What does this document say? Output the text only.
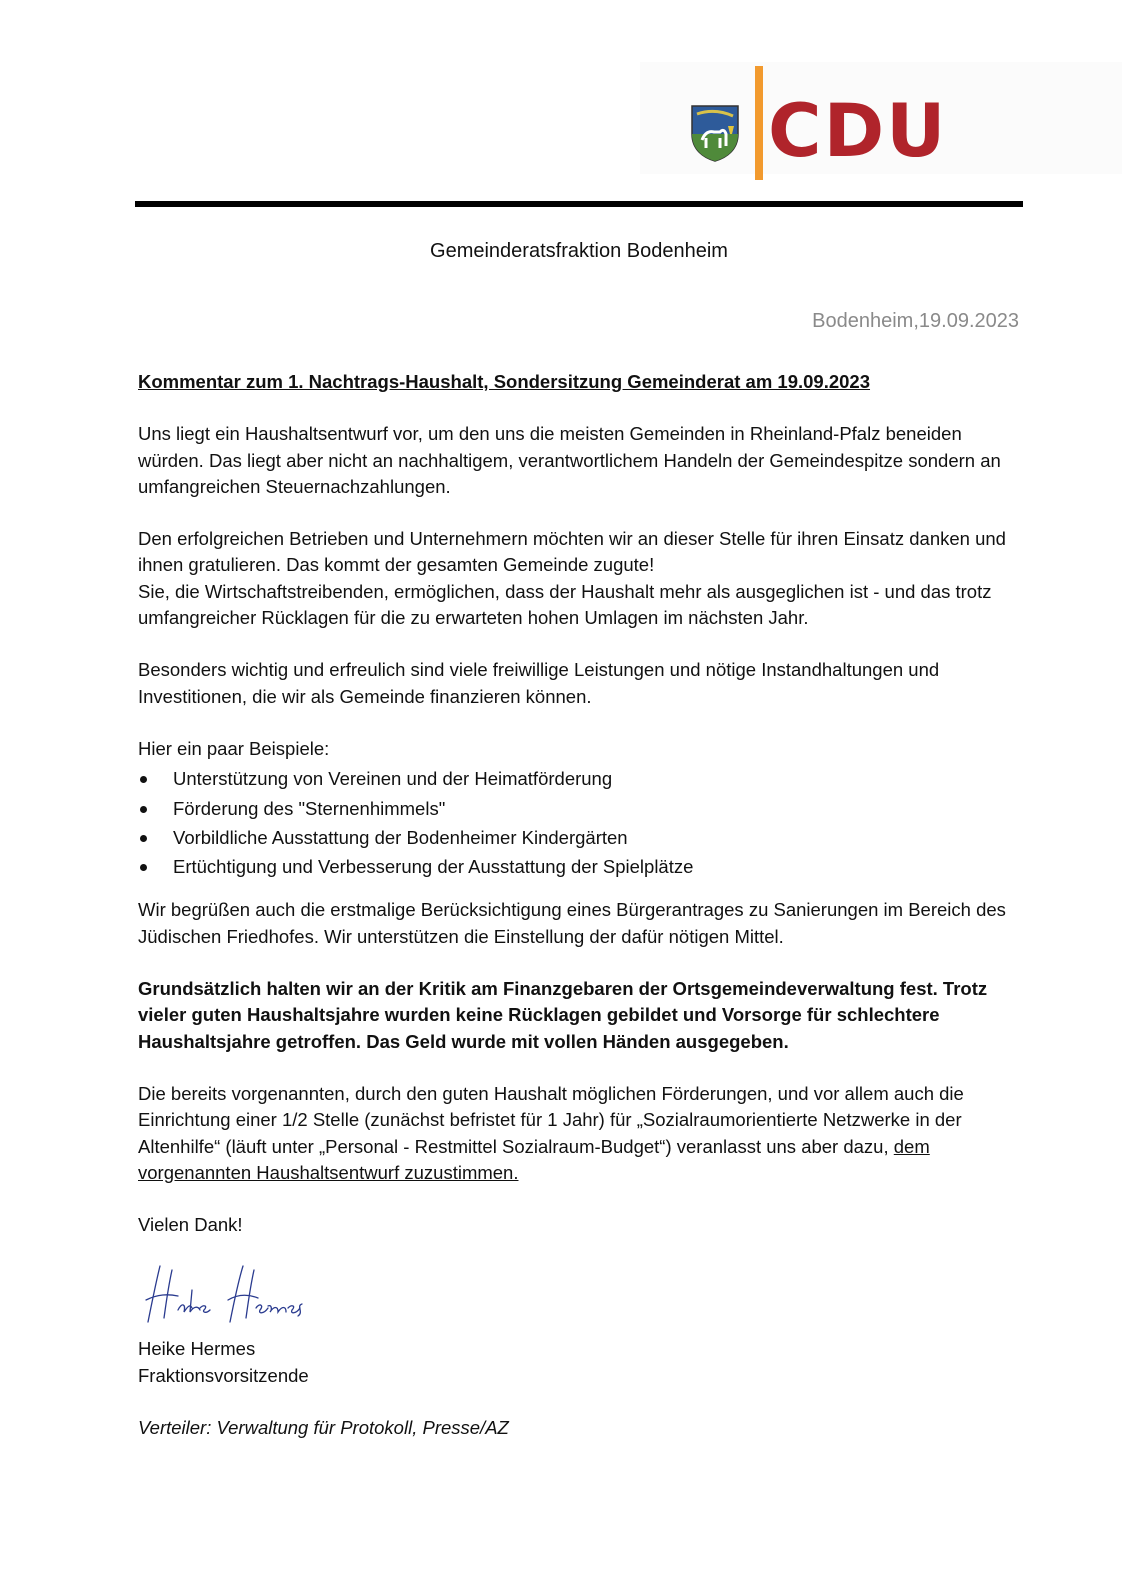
CDU
Gemeinderatsfraktion Bodenheim
Bodenheim,19.09.2023

Kommentar zum 1. Nachtrags-Haushalt, Sondersitzung Gemeinderat am 19.09.2023

Uns liegt ein Haushaltsentwurf vor, um den uns die meisten Gemeinden in Rheinland-Pfalz beneiden würden. Das liegt aber nicht an nachhaltigem, verantwortlichem Handeln der Gemeindespitze sondern an umfangreichen Steuernachzahlungen.

Den erfolgreichen Betrieben und Unternehmern möchten wir an dieser Stelle für ihren Einsatz danken und ihnen gratulieren. Das kommt der gesamten Gemeinde zugute!

Sie, die Wirtschaftstreibenden, ermöglichen, dass der Haushalt mehr als ausgeglichen ist - und das trotz umfangreicher Rücklagen für die zu erwarteten hohen Umlagen im nächsten Jahr.

Besonders wichtig und erfreulich sind viele freiwillige Leistungen und nötige Instandhaltungen und Investitionen, die wir als Gemeinde finanzieren können.

Hier ein paar Beispiele:

Unterstützung von Vereinen und der Heimatförderung
Förderung des "Sternenhimmels"
Vorbildliche Ausstattung der Bodenheimer Kindergärten
Ertüchtigung und Verbesserung der Ausstattung der Spielplätze

Wir begrüßen auch die erstmalige Berücksichtigung eines Bürgerantrages zu Sanierungen im Bereich des Jüdischen Friedhofes. Wir unterstützen die Einstellung der dafür nötigen Mittel.

Grundsätzlich halten wir an der Kritik am Finanzgebaren der Ortsgemeindeverwaltung fest. Trotz vieler guten Haushaltsjahre wurden keine Rücklagen gebildet und Vorsorge für schlechtere Haushaltsjahre getroffen. Das Geld wurde mit vollen Händen ausgegeben.

Die bereits vorgenannten, durch den guten Haushalt möglichen Förderungen, und vor allem auch die Einrichtung einer 1/2 Stelle (zunächst befristet für 1 Jahr) für „Sozialraumorientierte Netzwerke in der Altenhilfe“ (läuft unter „Personal - Restmittel Sozialraum-Budget“) veranlasst uns aber dazu, dem vorgenannten Haushaltsentwurf zuzustimmen.

Vielen Dank!

Heike Hermes

Fraktionsvorsitzende

Verteiler: Verwaltung für Protokoll, Presse/AZ
